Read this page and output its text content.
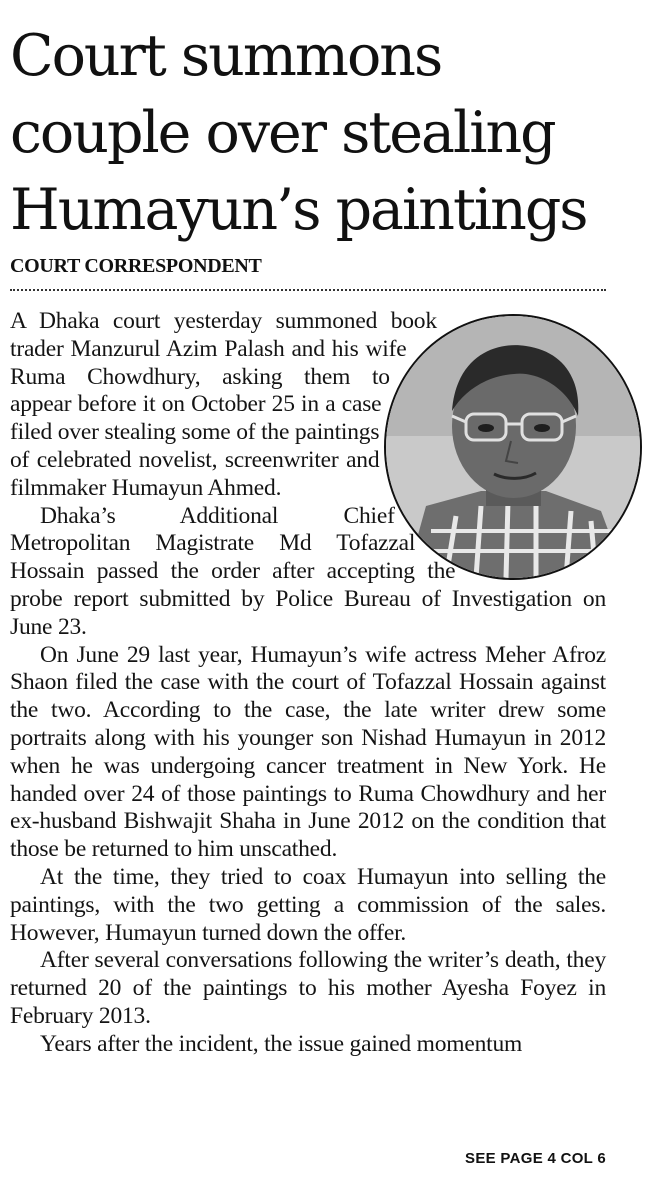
Court summons
couple over stealing
Humayun’s paintings
COURT CORRESPONDENT

A Dhaka court yesterday summoned book trader Manzurul Azim Palash and his wife Ruma Chowdhury, asking them to appear before it on October 25 in a case filed over stealing some of the paintings of celebrated novelist, screenwriter and filmmaker Humayun Ahmed.

Dhaka’s Additional Chief Metropolitan Magistrate Md Tofazzal Hossain passed the order after accepting the probe report submitted by Police Bureau of Investigation on June 23.

On June 29 last year, Humayun’s wife actress Meher Afroz Shaon filed the case with the court of Tofazzal Hossain against the two. According to the case, the late writer drew some portraits along with his younger son Nishad Humayun in 2012 when he was undergoing cancer treatment in New York. He handed over 24 of those paintings to Ruma Chowdhury and her ex-husband Bishwajit Shaha in June 2012 on the condition that those be returned to him unscathed.

At the time, they tried to coax Humayun into selling the paintings, with the two getting a commission of the sales. However, Humayun turned down the offer.

After several conversations following the writer’s death, they returned 20 of the paintings to his mother Ayesha Foyez in February 2013.

Years after the incident, the issue gained momentum

SEE PAGE 4 COL 6
